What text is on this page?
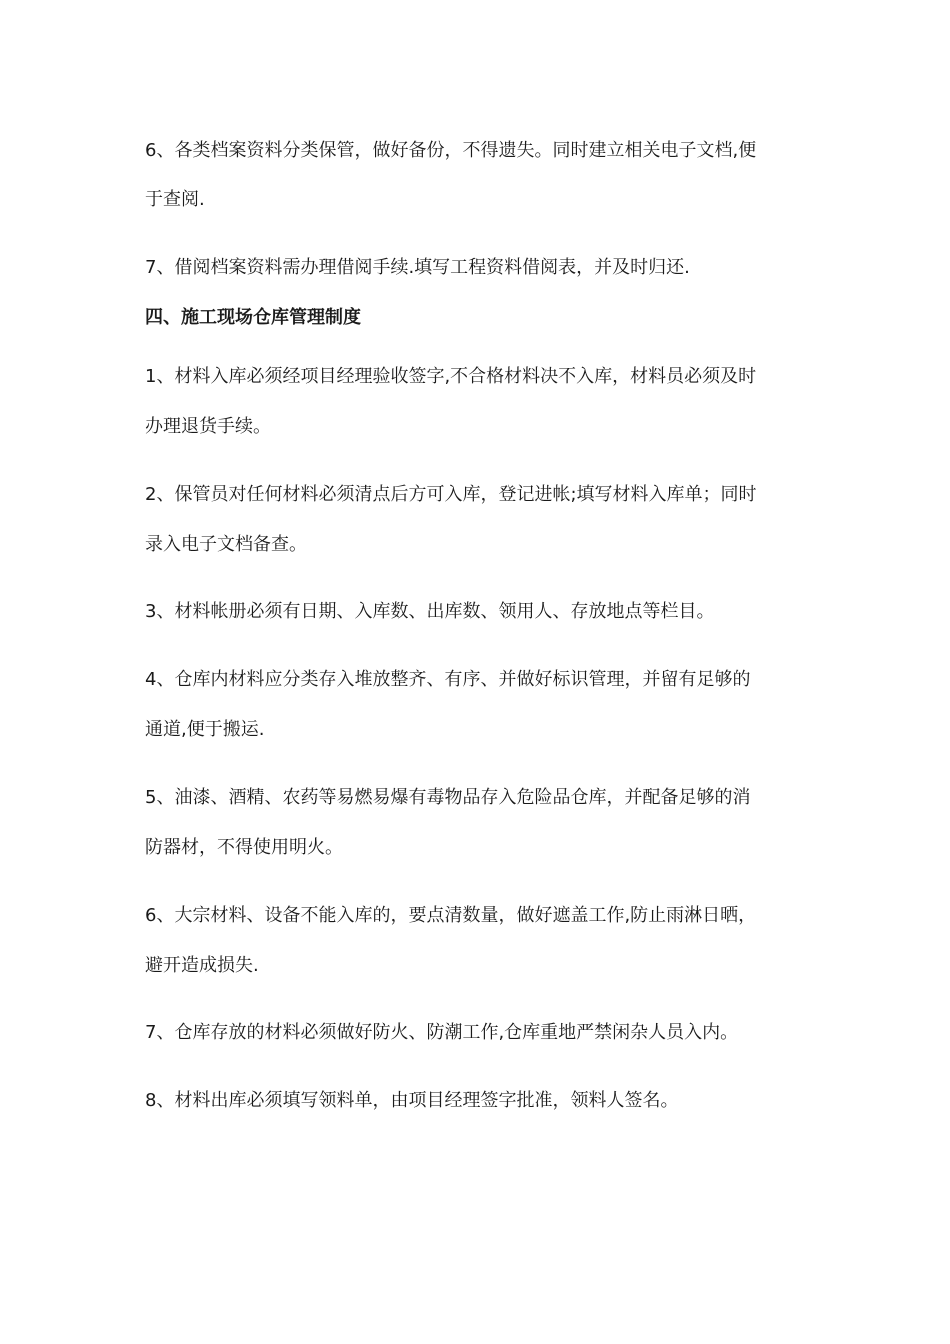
6、各类档案资料分类保管，做好备份，不得遗失。同时建立相关电子文档,便
于查阅.
7、借阅档案资料需办理借阅手续.填写工程资料借阅表，并及时归还.
四、施工现场仓库管理制度
1、材料入库必须经项目经理验收签字,不合格材料决不入库，材料员必须及时
办理退货手续。
2、保管员对任何材料必须清点后方可入库，登记进帐;填写材料入库单；同时
录入电子文档备查。
3、材料帐册必须有日期、入库数、出库数、领用人、存放地点等栏目。
4、仓库内材料应分类存入堆放整齐、有序、并做好标识管理，并留有足够的
通道,便于搬运.
5、油漆、酒精、农药等易燃易爆有毒物品存入危险品仓库，并配备足够的消
防器材，不得使用明火。
6、大宗材料、设备不能入库的，要点清数量，做好遮盖工作,防止雨淋日晒，
避开造成损失.
7、仓库存放的材料必须做好防火、防潮工作,仓库重地严禁闲杂人员入内。
8、材料出库必须填写领料单，由项目经理签字批准，领料人签名。
